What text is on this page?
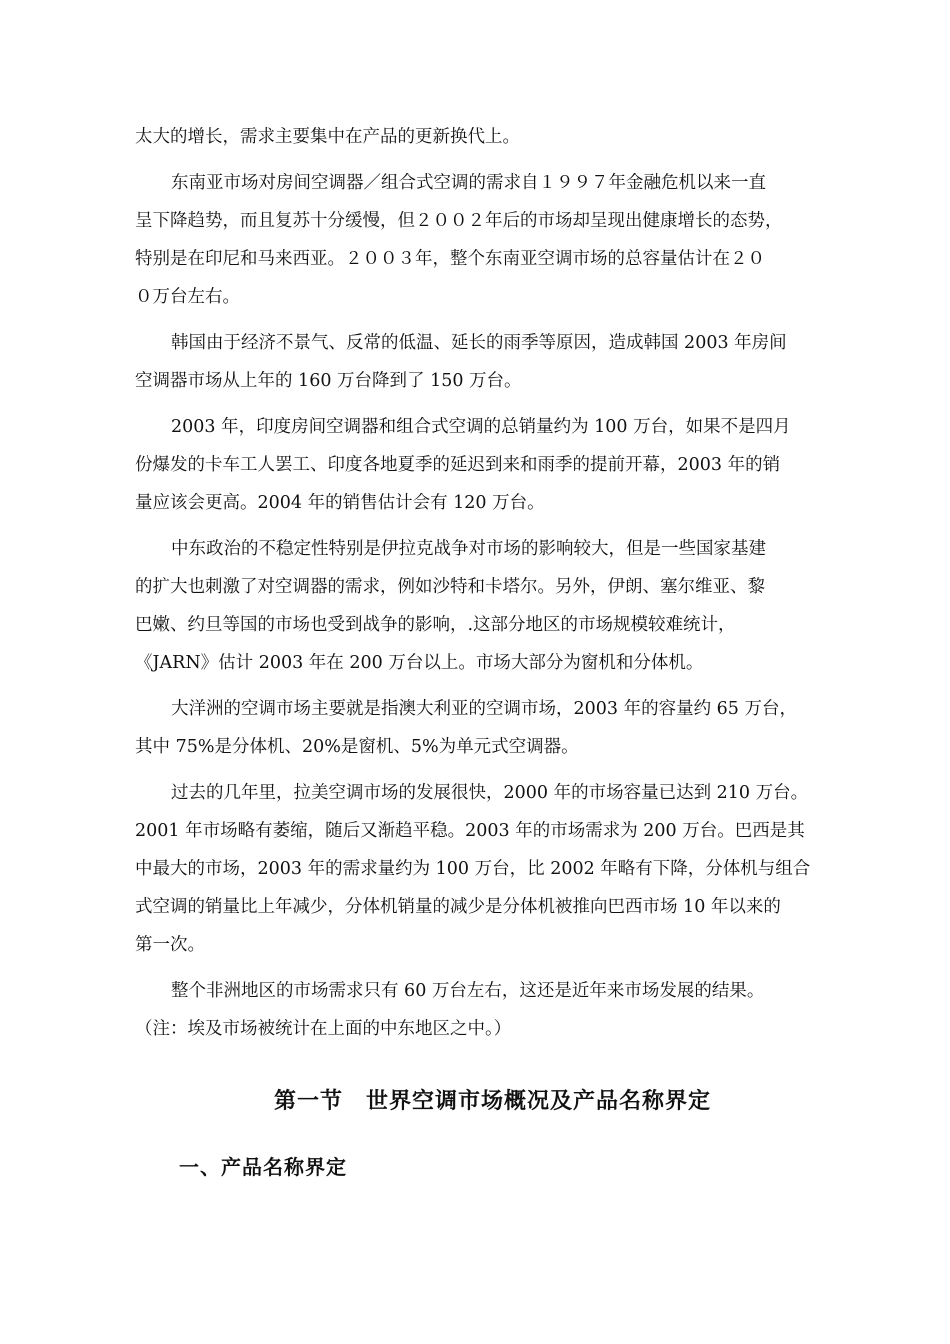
太大的增长，需求主要集中在产品的更新换代上。

东南亚市场对房间空调器／组合式空调的需求自１９９７年金融危机以来一直
呈下降趋势，而且复苏十分缓慢，但２００２年后的市场却呈现出健康增长的态势，
特别是在印尼和马来西亚。２００３年，整个东南亚空调市场的总容量估计在２０
０万台左右。

韩国由于经济不景气、反常的低温、延长的雨季等原因，造成韩国 2003 年房间
空调器市场从上年的 160 万台降到了 150 万台。

2003 年，印度房间空调器和组合式空调的总销量约为 100 万台，如果不是四月
份爆发的卡车工人罢工、印度各地夏季的延迟到来和雨季的提前开幕，2003 年的销
量应该会更高。2004 年的销售估计会有 120 万台。

中东政治的不稳定性特别是伊拉克战争对市场的影响较大，但是一些国家基建
的扩大也刺激了对空调器的需求，例如沙特和卡塔尔。另外，伊朗、塞尔维亚、黎
巴嫩、约旦等国的市场也受到战争的影响，.这部分地区的市场规模较难统计，
《JARN》估计 2003 年在 200 万台以上。市场大部分为窗机和分体机。

大洋洲的空调市场主要就是指澳大利亚的空调市场，2003 年的容量约 65 万台，
其中 75%是分体机、20%是窗机、5%为单元式空调器。

过去的几年里，拉美空调市场的发展很快，2000 年的市场容量已达到 210 万台。
2001 年市场略有萎缩，随后又渐趋平稳。2003 年的市场需求为 200 万台。巴西是其
中最大的市场，2003 年的需求量约为 100 万台，比 2002 年略有下降，分体机与组合
式空调的销量比上年减少，分体机销量的减少是分体机被推向巴西市场 10 年以来的
第一次。

整个非洲地区的市场需求只有 60 万台左右，这还是近年来市场发展的结果。
（注：埃及市场被统计在上面的中东地区之中。）

第一节　世界空调市场概况及产品名称界定
一、产品名称界定
